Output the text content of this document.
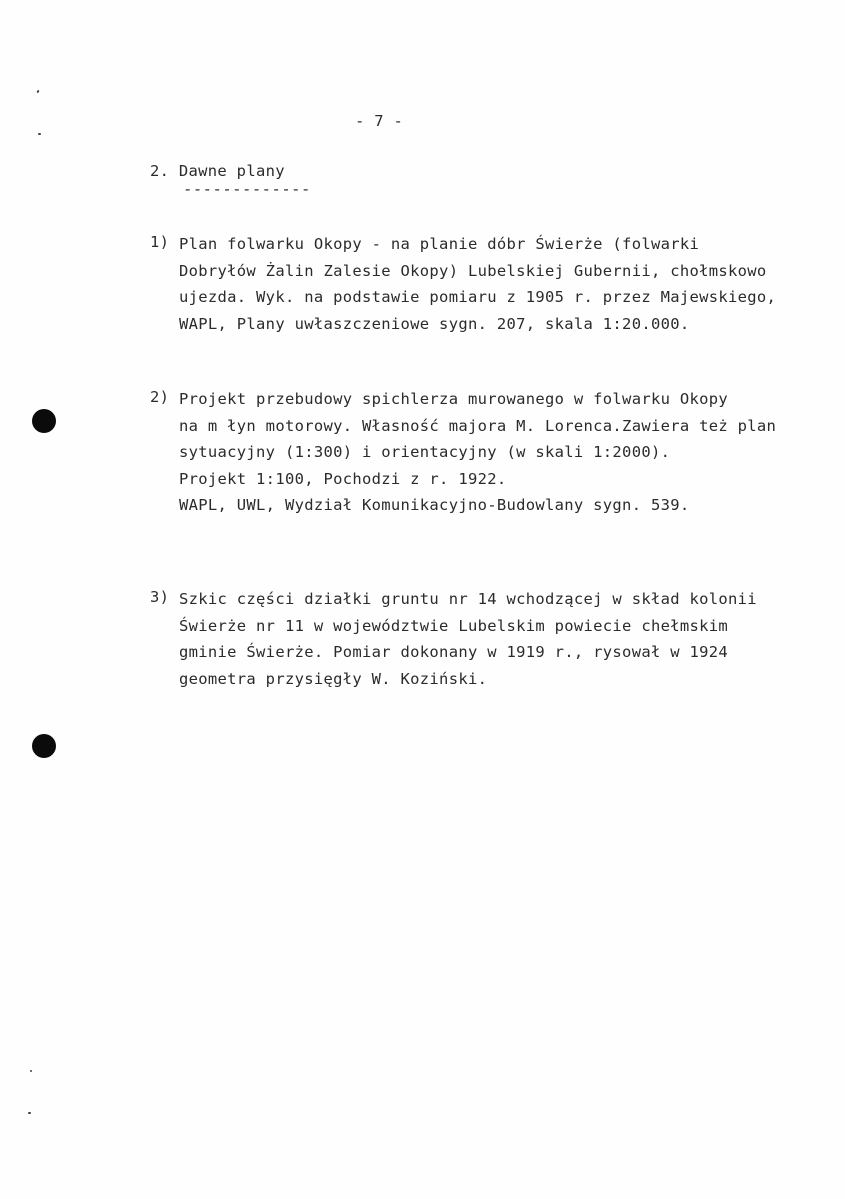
- 7 -
2. Dawne plany
-------------
1) Plan folwarku Okopy - na planie dóbr Świerże (folwarki
Dobryłów Żalin Zalesie Okopy) Lubelskiej Gubernii, chołmskowo
ujezda. Wyk. na podstawie pomiaru z 1905 r. przez Majewskiego,
WAPL, Plany uwłaszczeniowe sygn. 207, skala 1:20.000.
2) Projekt przebudowy spichlerza murowanego w folwarku Okopy
na m łyn motorowy. Własność majora M. Lorenca.Zawiera też plan
sytuacyjny (1:300) i orientacyjny (w skali 1:2000).
Projekt 1:100, Pochodzi z r. 1922.
WAPL, UWL, Wydział Komunikacyjno-Budowlany sygn. 539.
3) Szkic części działki gruntu nr 14 wchodzącej w skład kolonii
Świerże nr 11 w województwie Lubelskim powiecie chełmskim
gminie Świerże. Pomiar dokonany w 1919 r., rysował w 1924
geometra przysięgły W. Koziński.
